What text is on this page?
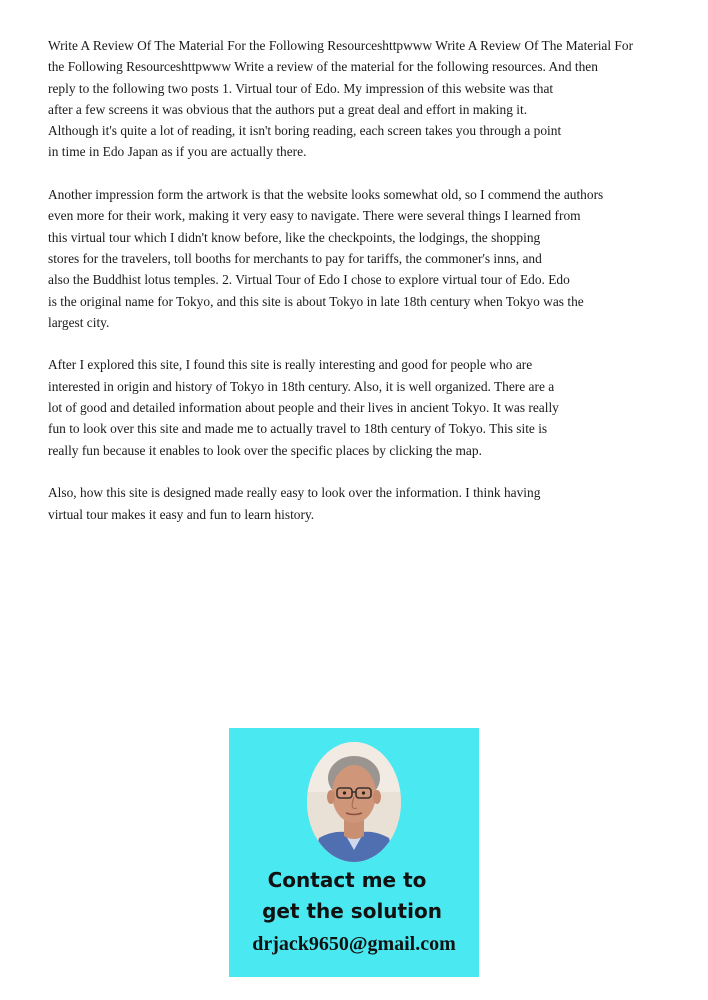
Write A Review Of The Material For the Following Resourceshttpwww Write A Review Of The Material For
the Following Resourceshttpwww Write a review of the material for the following resources. And then
reply to the following two posts 1. Virtual tour of Edo. My impression of this website was that
after a few screens it was obvious that the authors put a great deal and effort in making it.
Although it's quite a lot of reading, it isn't boring reading, each screen takes you through a point
in time in Edo Japan as if you are actually there.

Another impression form the artwork is that the website looks somewhat old, so I commend the authors
even more for their work, making it very easy to navigate. There were several things I learned from
this virtual tour which I didn't know before, like the checkpoints, the lodgings, the shopping
stores for the travelers, toll booths for merchants to pay for tariffs, the commoner's inns, and
also the Buddhist lotus temples. 2. Virtual Tour of Edo I chose to explore virtual tour of Edo. Edo
is the original name for Tokyo, and this site is about Tokyo in late 18th century when Tokyo was the
largest city.

After I explored this site, I found this site is really interesting and good for people who are
interested in origin and history of Tokyo in 18th century. Also, it is well organized. There are a
lot of good and detailed information about people and their lives in ancient Tokyo. It was really
fun to look over this site and made me to actually travel to 18th century of Tokyo. This site is
really fun because it enables to look over the specific places by clicking the map.

Also, how this site is designed made really easy to look over the information. I think having
virtual tour makes it easy and fun to learn history.

Contact me to
get the solution
drjack9650@gmail.com
